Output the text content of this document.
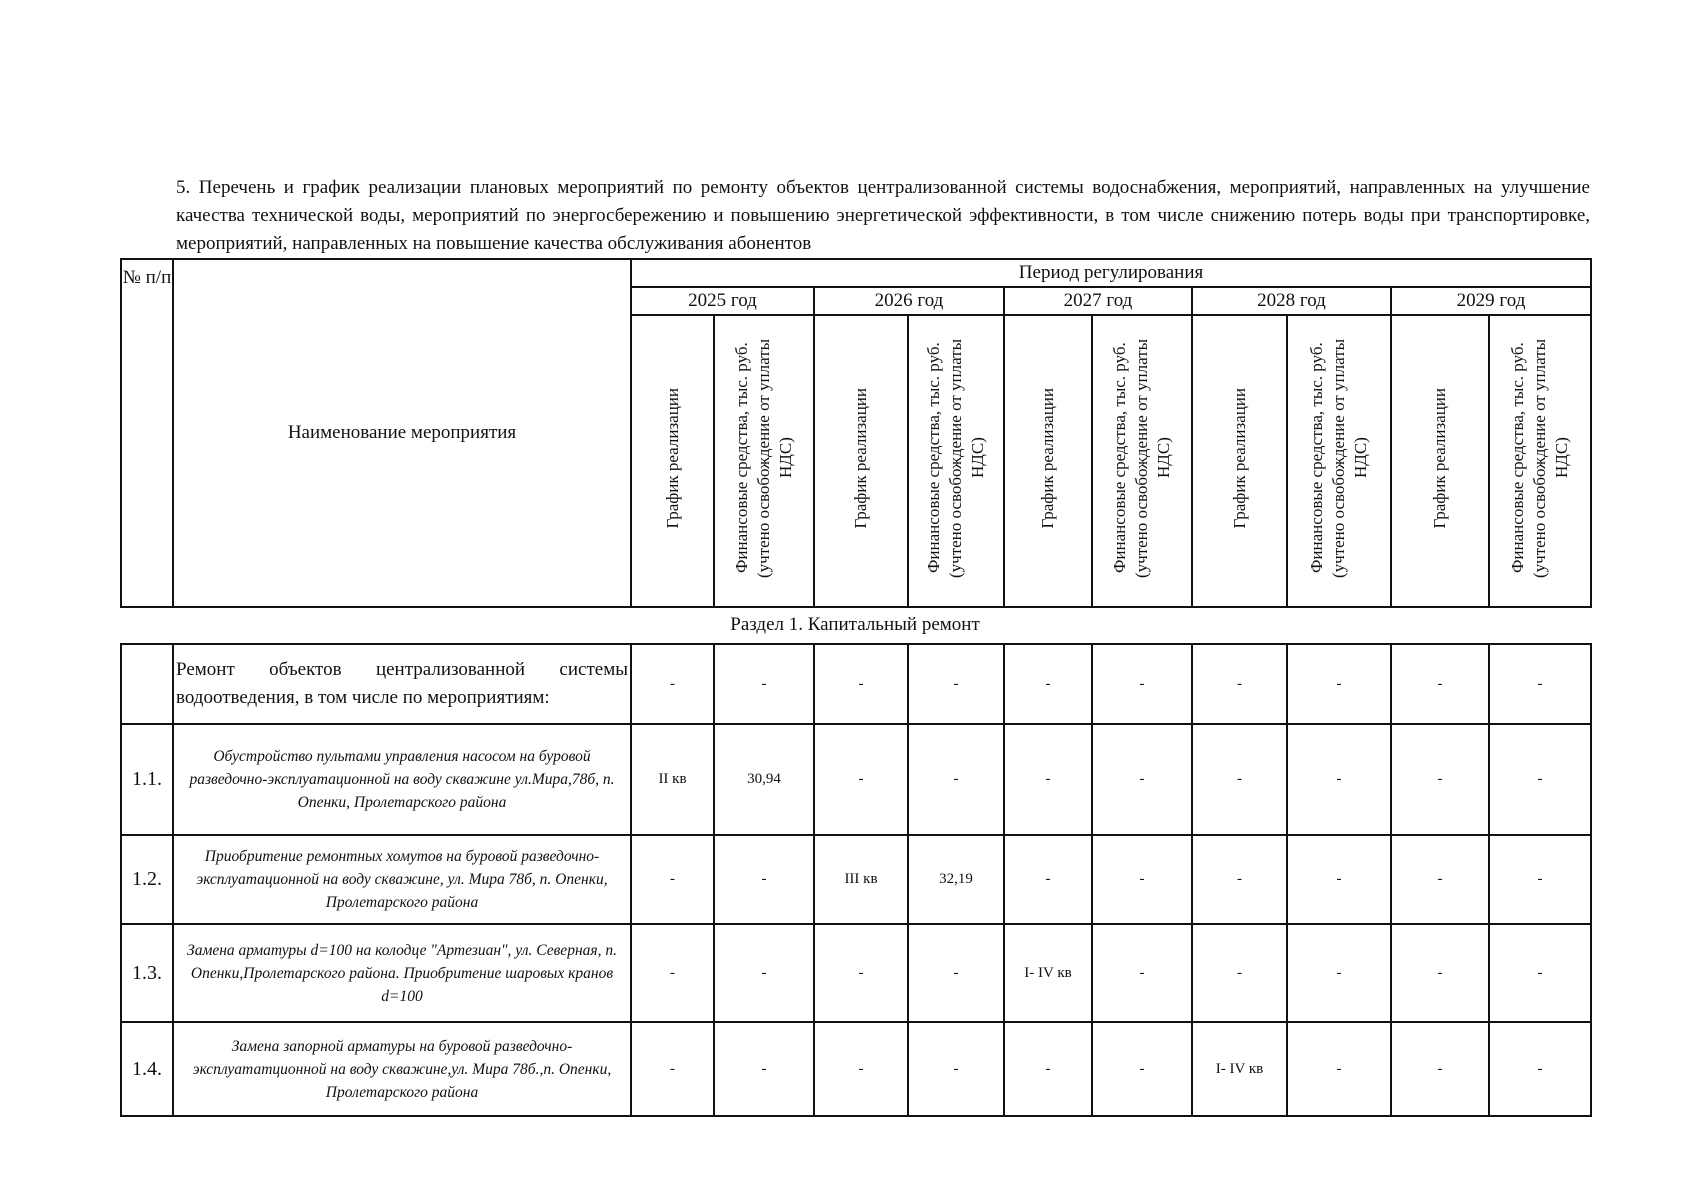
5. Перечень и график реализации плановых мероприятий по ремонту объектов централизованной системы водоснабжения, мероприятий, направленных на улучшение качества технической воды, мероприятий по энергосбережению и повышению энергетической эффективности, в том числе снижению потерь воды при транспортировке, мероприятий, направленных на повышение качества обслуживания абонентов
№ п/п	Наименование мероприятия	Период регулирования									
		2025 год		2026 год		2027 год		2028 год		2029 год	
		График реализации	Финансовые средства, тыс. руб. (учтено освобождение от уплаты НДС)	График реализации	Финансовые средства, тыс. руб. (учтено освобождение от уплаты НДС)	График реализации	Финансовые средства, тыс. руб. (учтено освобождение от уплаты НДС)	График реализации	Финансовые средства, тыс. руб. (учтено освобождение от уплаты НДС)	График реализации	Финансовые средства, тыс. руб. (учтено освобождение от уплаты НДС)
Раздел 1. Капитальный ремонт
	Ремонт объектов централизованной системы водоотведения, в том числе по мероприятиям:	-	-	-	-	-	-	-	-	-	-
1.1.	Обустройство пультами управления насосом на буровой разведочно-эксплуатационной на воду скважине ул.Мира,78б, п. Опенки, Пролетарского района	II кв	30,94	-	-	-	-	-	-	-	-
1.2.	Приобритение ремонтных хомутов на буровой разведочно- эксплуатационной на воду скважине, ул. Мира 78б, п. Опенки, Пролетарского района	-	-	III кв	32,19	-	-	-	-	-	-
1.3.	Замена арматуры d=100 на колодце "Артезиан", ул. Северная, п. Опенки,Пролетарского района. Приобритение шаровых кранов d=100	-	-	-	-	I- IV кв	-	-	-	-	-
1.4.	Замена запорной арматуры на буровой разведочно-эксплуататционной на воду скважине,ул. Мира 78б.,п. Опенки, Пролетарского района	-	-	-	-	-	-	I- IV кв	-	-	-
